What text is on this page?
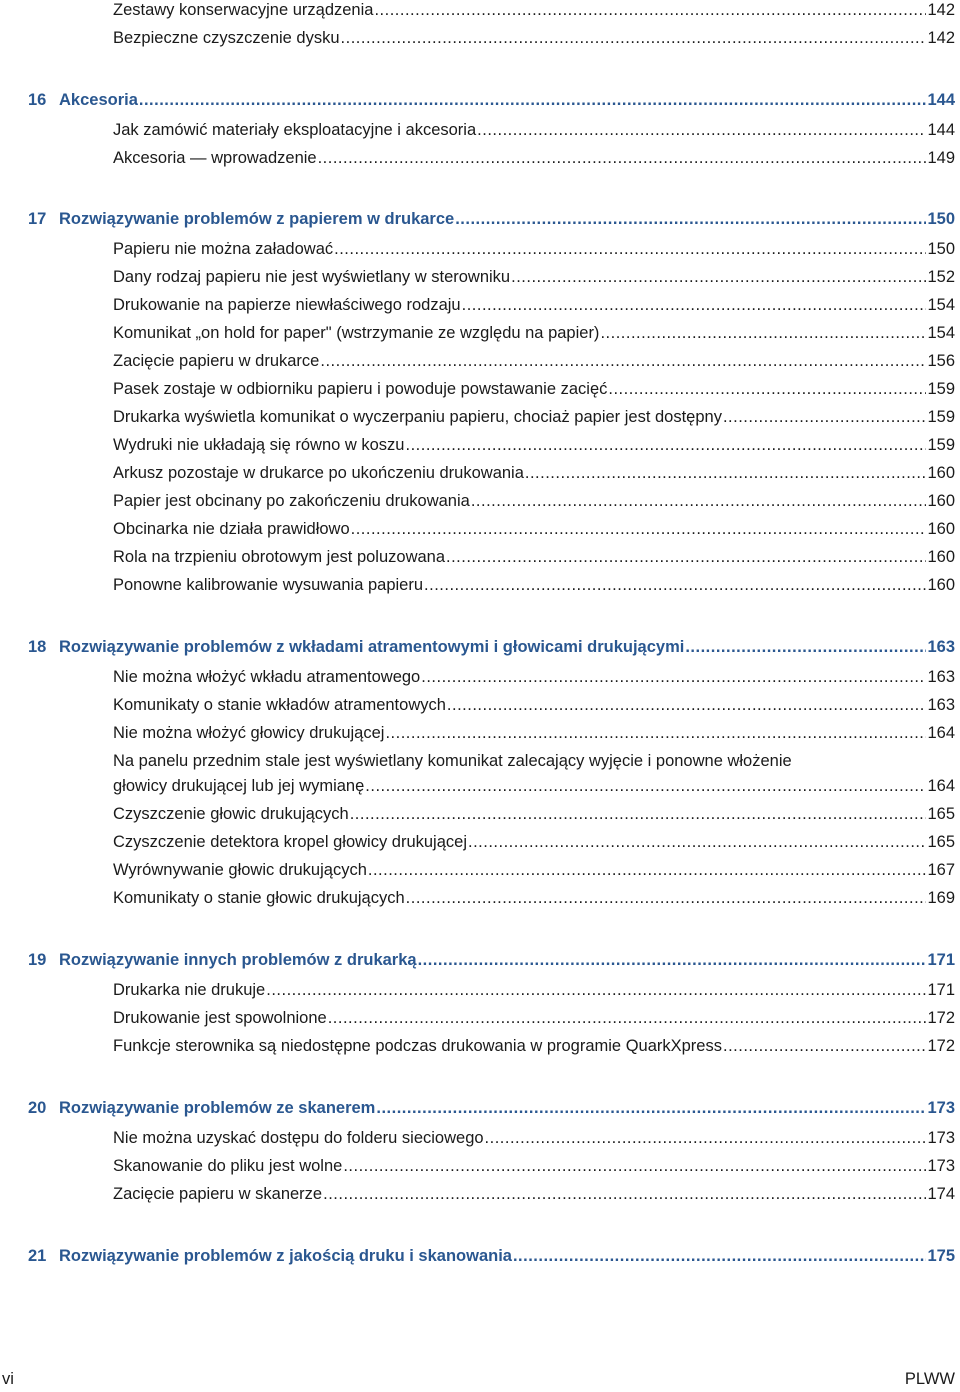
Zestawy konserwacyjne urządzenia .....	142
Bezpieczne czyszczenie dysku .....	142
16 Akcesoria .....	144
Jak zamówić materiały eksploatacyjne i akcesoria .....	144
Akcesoria — wprowadzenie .....	149
17 Rozwiązywanie problemów z papierem w drukarce .....	150
Papieru nie można załadować .....	150
Dany rodzaj papieru nie jest wyświetlany w sterowniku .....	152
Drukowanie na papierze niewłaściwego rodzaju .....	154
Komunikat „on hold for paper" (wstrzymanie ze względu na papier) .....	154
Zacięcie papieru w drukarce .....	156
Pasek zostaje w odbiorniku papieru i powoduje powstawanie zacięć .....	159
Drukarka wyświetla komunikat o wyczerpaniu papieru, chociaż papier jest dostępny .....	159
Wydruki nie układają się równo w koszu .....	159
Arkusz pozostaje w drukarce po ukończeniu drukowania .....	160
Papier jest obcinany po zakończeniu drukowania .....	160
Obcinarka nie działa prawidłowo .....	160
Rola na trzpieniu obrotowym jest poluzowana .....	160
Ponowne kalibrowanie wysuwania papieru .....	160
18 Rozwiązywanie problemów z wkładami atramentowymi i głowicami drukującymi .....	163
Nie można włożyć wkładu atramentowego .....	163
Komunikaty o stanie wkładów atramentowych .....	163
Nie można włożyć głowicy drukującej .....	164
Na panelu przednim stale jest wyświetlany komunikat zalecający wyjęcie i ponowne włożenie
głowicy drukującej lub jej wymianę .....	164
Czyszczenie głowic drukujących .....	165
Czyszczenie detektora kropel głowicy drukującej .....	165
Wyrównywanie głowic drukujących .....	167
Komunikaty o stanie głowic drukujących .....	169
19 Rozwiązywanie innych problemów z drukarką .....	171
Drukarka nie drukuje .....	171
Drukowanie jest spowolnione .....	172
Funkcje sterownika są niedostępne podczas drukowania w programie QuarkXpress .....	172
20 Rozwiązywanie problemów ze skanerem .....	173
Nie można uzyskać dostępu do folderu sieciowego .....	173
Skanowanie do pliku jest wolne .....	173
Zacięcie papieru w skanerze .....	174
21 Rozwiązywanie problemów z jakością druku i skanowania .....	175
vi	PLWW
